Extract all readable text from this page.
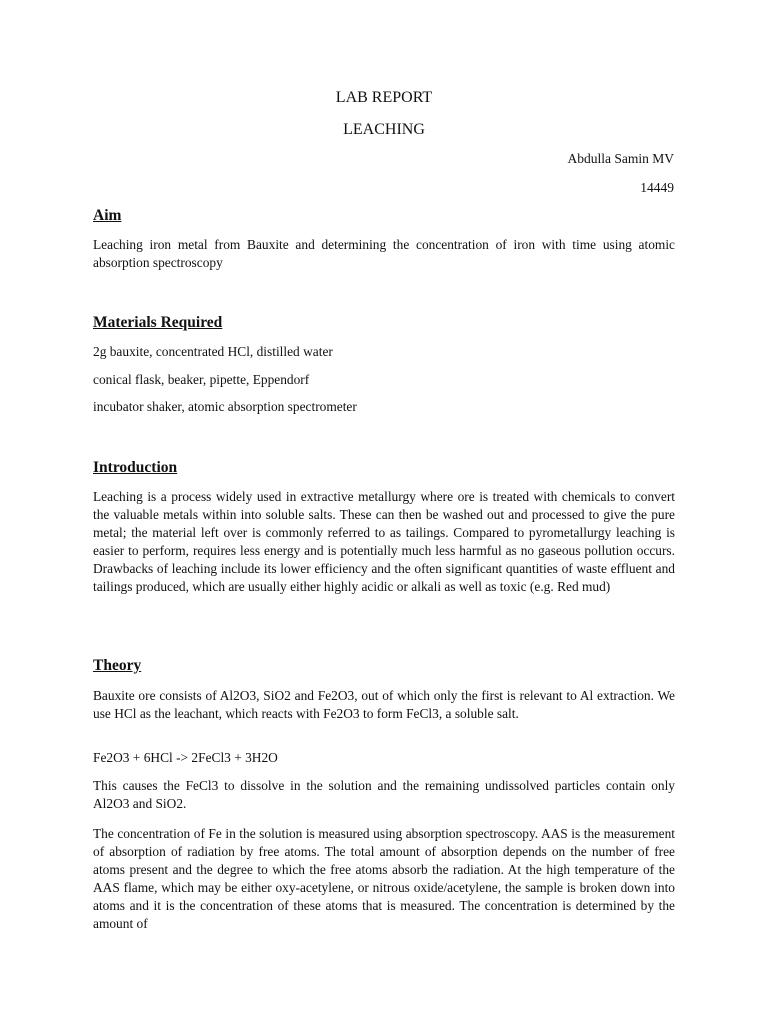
LAB REPORT
LEACHING
Abdulla Samin MV
14449
Aim
Leaching iron metal from Bauxite and determining the concentration of iron with time using atomic absorption spectroscopy
Materials Required
2g bauxite, concentrated HCl, distilled water
conical flask, beaker, pipette, Eppendorf
incubator shaker, atomic absorption spectrometer
Introduction
Leaching is a process widely used in extractive metallurgy where ore is treated with chemicals to convert the valuable metals within into soluble salts. These can then be washed out and processed to give the pure metal; the material left over is commonly referred to as tailings. Compared to pyrometallurgy leaching is easier to perform, requires less energy and is potentially much less harmful as no gaseous pollution occurs. Drawbacks of leaching include its lower efficiency and the often significant quantities of waste effluent and tailings produced, which are usually either highly acidic or alkali as well as toxic (e.g. Red mud)
Theory
Bauxite ore consists of Al2O3, SiO2 and Fe2O3, out of which only the first is relevant to Al extraction. We use HCl as the leachant, which reacts with Fe2O3 to form FeCl3, a soluble salt.
Fe2O3 + 6HCl -> 2FeCl3 + 3H2O
This causes the FeCl3 to dissolve in the solution and the remaining undissolved particles contain only Al2O3 and SiO2.
The concentration of Fe in the solution is measured using absorption spectroscopy. AAS is the measurement of absorption of radiation by free atoms. The total amount of absorption depends on the number of free atoms present and the degree to which the free atoms absorb the radiation. At the high temperature of the AAS flame, which may be either oxy-acetylene, or nitrous oxide/acetylene, the sample is broken down into atoms and it is the concentration of these atoms that is measured. The concentration is determined by the amount of
